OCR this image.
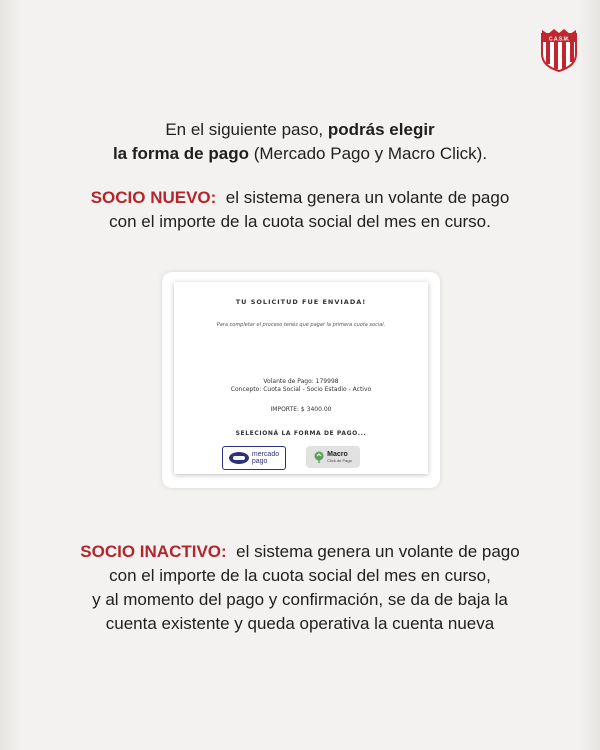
C.A.S.M.
En el siguiente paso, podrás elegir
la forma de pago (Mercado Pago y Macro Click).
SOCIO NUEVO: el sistema genera un volante de pago
con el importe de la cuota social del mes en curso.
TU SOLICITUD FUE ENVIADA!
Para completar el proceso tenés que pagar la primera cuota social.
Volante de Pago: 179998
Concepto: Cuota Social - Socio Estadio - Activo
IMPORTE: $ 3400.00
SELECIONÁ LA FORMA DE PAGO...
mercado
pago
Macro
Click de Pago
SOCIO INACTIVO: el sistema genera un volante de pago
con el importe de la cuota social del mes en curso,
y al momento del pago y confirmación, se da de baja la
cuenta existente y queda operativa la cuenta nueva
